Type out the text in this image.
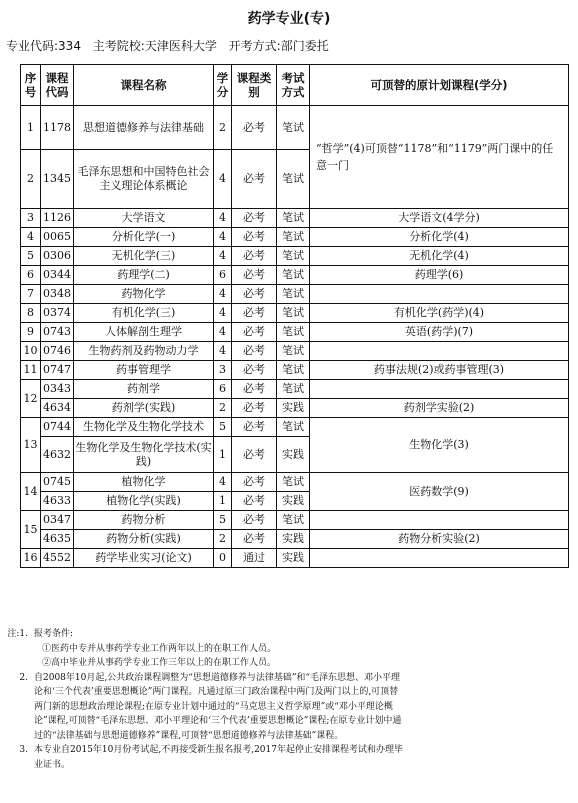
药学专业(专)
专业代码:334 主考院校:天津医科大学 开考方式:部门委托
序号	课程代码	课程名称	学分	课程类别	考试方式	可顶替的原计划课程(学分)
1	1178	思想道德修养与法律基础	2	必考	笔试	“哲学”(4)可顶替“1178”和“1179”两门课中的任意一门
2	1345	毛泽东思想和中国特色社会主义理论体系概论	4	必考	笔试	
3	1126	大学语文	4	必考	笔试	大学语文(4学分)
4	0065	分析化学(一)	4	必考	笔试	分析化学(4)
5	0306	无机化学(三)	4	必考	笔试	无机化学(4)
6	0344	药理学(二)	6	必考	笔试	药理学(6)
7	0348	药物化学	4	必考	笔试	
8	0374	有机化学(三)	4	必考	笔试	有机化学(药学)(4)
9	0743	人体解剖生理学	4	必考	笔试	英语(药学)(7)
10	0746	生物药剂及药物动力学	4	必考	笔试	
11	0747	药事管理学	3	必考	笔试	药事法规(2)或药事管理(3)
12	0343	药剂学	6	必考	笔试	
	4634	药剂学(实践)	2	必考	实践	药剂学实验(2)
13	0744	生物化学及生物化学技术	5	必考	笔试	生物化学(3)
	4632	生物化学及生物化学技术(实践)	1	必考	实践	
14	0745	植物化学	4	必考	笔试	医药数学(9)
	4633	植物化学(实践)	1	必考	实践	
15	0347	药物分析	5	必考	笔试	
	4635	药物分析(实践)	2	必考	实践	药物分析实验(2)
16	4552	药学毕业实习(论文)	0	通过	实践	
注:1. 报考条件:
①医药中专并从事药学专业工作两年以上的在职工作人员。
②高中毕业并从事药学专业工作三年以上的在职工作人员。
2. 自2008年10月起,公共政治课程调整为“思想道德修养与法律基础”和“毛泽东思想、邓小平理
论和‘三个代表’重要思想概论”两门课程。凡通过原三门政治课程中两门及两门以上的,可顶替
两门新的思想政治理论课程;在原专业计划中通过的“马克思主义哲学原理”或“邓小平理论概
论”课程,可顶替“毛泽东思想、邓小平理论和‘三个代表’重要思想概论”课程;在原专业计划中通
过的“法律基础与思想道德修养”课程,可顶替“思想道德修养与法律基础”课程。
3. 本专业自2015年10月份考试起,不再接受新生报名报考,2017年起停止安排课程考试和办理毕
业证书。
